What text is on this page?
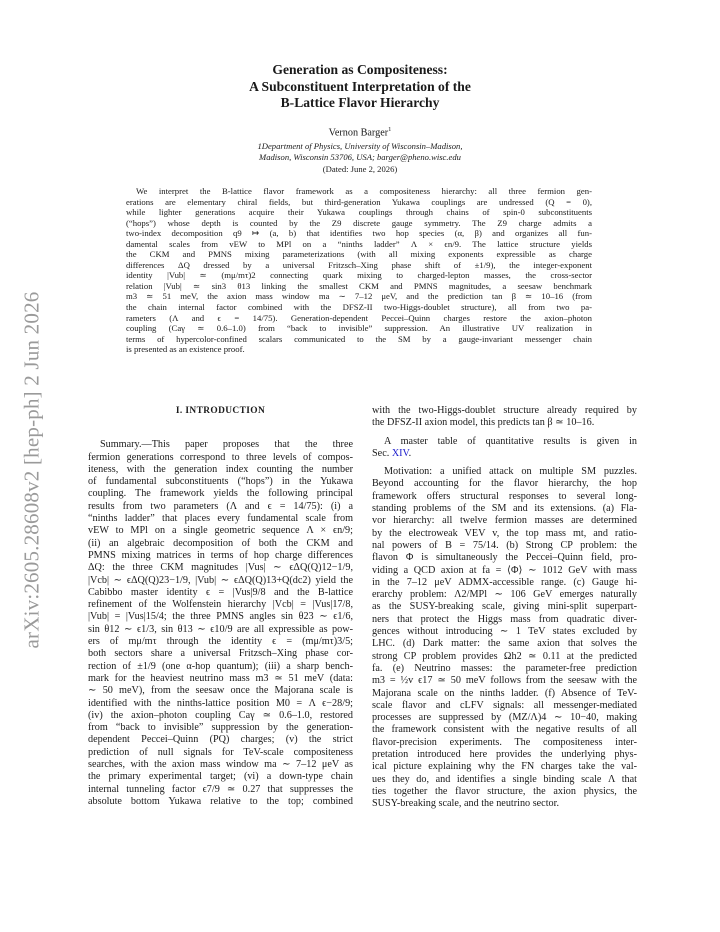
arXiv:2605.28608v2 [hep-ph] 2 Jun 2026
Generation as Compositeness:
A Subconstituent Interpretation of the
B-Lattice Flavor Hierarchy
Vernon Barger$^1$
1Department of Physics, University of Wisconsin–Madison,
Madison, Wisconsin 53706, USA; barger@pheno.wisc.edu
(Dated: June 2, 2026)
We interpret the B-lattice flavor framework as a compositeness hierarchy: all three fermion gen-
erations are elementary chiral fields, but third-generation Yukawa couplings are undressed (Q = 0),
while lighter generations acquire their Yukawa couplings through chains of spin-0 subconstituents
(“hops”) whose depth is counted by the Z9 discrete gauge symmetry. The Z9 charge admits a
two-index decomposition q9 ↦ (a, b) that identifies two hop species (α, β) and organizes all fun-
damental scales from vEW to MPl on a “ninths ladder” Λ × ϵn/9. The lattice structure yields
the CKM and PMNS mixing parameterizations (with all mixing exponents expressible as charge
differences ΔQ dressed by a universal Fritzsch–Xing phase shift of ±1/9), the integer-exponent
identity |Vub| ≃ (mμ/mτ)2 connecting quark mixing to charged-lepton masses, the cross-sector
relation |Vub| ≃ sin3 θ13 linking the smallest CKM and PMNS magnitudes, a seesaw benchmark
m3 ≃ 51 meV, the axion mass window ma ∼ 7–12 μeV, and the prediction tan β ≃ 10–16 (from
the chain internal factor combined with the DFSZ-II two-Higgs-doublet structure), all from two pa-
rameters (Λ and ϵ = 14/75). Generation-dependent Peccei–Quinn charges restore the axion–photon
coupling (Caγ ≃ 0.6–1.0) from “back to invisible” suppression. An illustrative UV realization in
terms of hypercolor-confined scalars communicated to the SM by a gauge-invariant messenger chain
is presented as an existence proof.
I. INTRODUCTION
Summary.—This paper proposes that the three
fermion generations correspond to three levels of compos-
iteness, with the generation index counting the number
of fundamental subconstituents (“hops”) in the Yukawa
coupling. The framework yields the following principal
results from two parameters (Λ and ϵ = 14/75): (i) a
“ninths ladder” that places every fundamental scale from
vEW to MPl on a single geometric sequence Λ × ϵn/9;
(ii) an algebraic decomposition of both the CKM and
PMNS mixing matrices in terms of hop charge differences
ΔQ: the three CKM magnitudes |Vus| ∼ ϵΔQ(Q)12−1/9,
|Vcb| ∼ ϵΔQ(Q)23−1/9, |Vub| ∼ ϵΔQ(Q)13+Q(dc2) yield the
Cabibbo master identity ϵ = |Vus|9/8 and the B-lattice
refinement of the Wolfenstein hierarchy |Vcb| = |Vus|17/8,
|Vub| = |Vus|15/4; the three PMNS angles sin θ23 ∼ ϵ1/6,
sin θ12 ∼ ϵ1/3, sin θ13 ∼ ϵ10/9 are all expressible as pow-
ers of mμ/mτ through the identity ϵ = (mμ/mτ)3/5;
both sectors share a universal Fritzsch–Xing phase cor-
rection of ±1/9 (one α-hop quantum); (iii) a sharp bench-
mark for the heaviest neutrino mass m3 ≃ 51 meV (data:
∼ 50 meV), from the seesaw once the Majorana scale is
identified with the ninths-lattice position M0 = Λ ϵ−28/9;
(iv) the axion–photon coupling Caγ ≃ 0.6–1.0, restored
from “back to invisible” suppression by the generation-
dependent Peccei–Quinn (PQ) charges; (v) the strict
prediction of null signals for TeV-scale compositeness
searches, with the axion mass window ma ∼ 7–12 μeV as
the primary experimental target; (vi) a down-type chain
internal tunneling factor ϵ7/9 ≃ 0.27 that suppresses the
absolute bottom Yukawa relative to the top; combined
with the two-Higgs-doublet structure already required by
the DFSZ-II axion model, this predicts tan β ≃ 10–16.
A master table of quantitative results is given in
Sec. XIV.
Motivation: a unified attack on multiple SM puzzles.
Beyond accounting for the flavor hierarchy, the hop
framework offers structural responses to several long-
standing problems of the SM and its extensions. (a) Fla-
vor hierarchy: all twelve fermion masses are determined
by the electroweak VEV v, the top mass mt, and ratio-
nal powers of B = 75/14. (b) Strong CP problem: the
flavon Φ is simultaneously the Peccei–Quinn field, pro-
viding a QCD axion at fa = ⟨Φ⟩ ∼ 1012 GeV with mass
in the 7–12 μeV ADMX-accessible range. (c) Gauge hi-
erarchy problem: Λ2/MPl ∼ 106 GeV emerges naturally
as the SUSY-breaking scale, giving mini-split superpart-
ners that protect the Higgs mass from quadratic diver-
gences without introducing ∼ 1 TeV states excluded by
LHC. (d) Dark matter: the same axion that solves the
strong CP problem provides Ωh2 ≃ 0.11 at the predicted
fa. (e) Neutrino masses: the parameter-free prediction
m3 = ½v ϵ17 ≃ 50 meV follows from the seesaw with the
Majorana scale on the ninths ladder. (f) Absence of TeV-
scale flavor and cLFV signals: all messenger-mediated
processes are suppressed by (MZ/Λ)4 ∼ 10−40, making
the framework consistent with the negative results of all
flavor-precision experiments. The compositeness inter-
pretation introduced here provides the underlying phys-
ical picture explaining why the FN charges take the val-
ues they do, and identifies a single binding scale Λ that
ties together the flavor structure, the axion physics, the
SUSY-breaking scale, and the neutrino sector.
